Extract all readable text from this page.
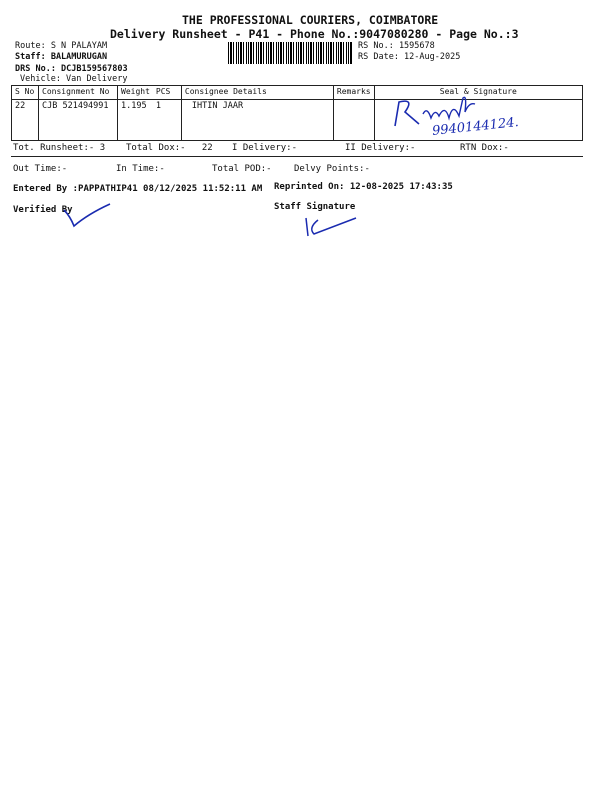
THE PROFESSIONAL COURIERS, COIMBATORE
Delivery Runsheet - P41 - Phone No.:9047080280 - Page No.:3
Route: S N PALAYAM
Staff: BALAMURUGAN
DRS No.: DCJB159567803
Vehicle: Van Delivery
RS No.: 1595678
RS Date: 12-Aug-2025
S No	Consignment No	Weight	PCS	Consignee Details	Remarks	Seal & Signature
22	CJB 521494991	1.195	1	IHTIN JAAR		9940144124.
Tot. Runsheet:- 3 Total Dox:-   22 I Delivery:-	II Delivery:-	RTN Dox:-
Out Time:-	In Time:-	Total POD:- Delvy Points:-
Entered By :PAPPATHIP41 08/12/2025 11:52:11 AM Reprinted On: 12-08-2025 17:43:35
Verified By	Staff Signature
